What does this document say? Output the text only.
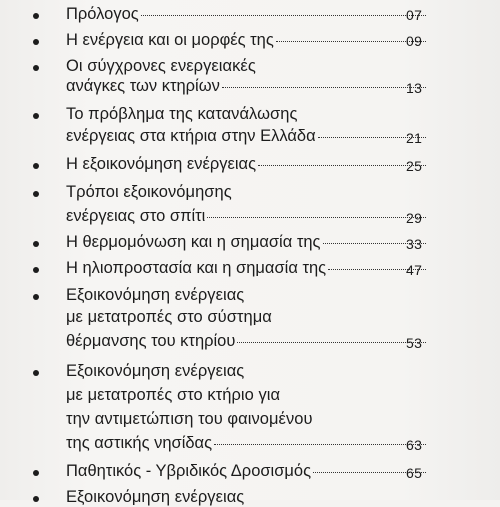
Πρόλογος	07
Η ενέργεια και οι μορφές της	09
Οι σύγχρονες ενεργειακές
ανάγκες των κτηρίων	13
Το πρόβλημα της κατανάλωσης
ενέργειας στα κτήρια στην Ελλάδα	21
Η εξοικονόμηση ενέργειας	25
Τρόποι εξοικονόμησης
ενέργειας στο σπίτι	29
Η θερμομόνωση και η σημασία της	33
Η ηλιοπροστασία και η σημασία της	47
Εξοικονόμηση ενέργειας
με μετατροπές στο σύστημα
θέρμανσης του κτηρίου	53
Εξοικονόμηση ενέργειας
με μετατροπές στο κτήριο για
την αντιμετώπιση του φαινομένου
της αστικής νησίδας	63
Παθητικός - Υβριδικός Δροσισμός	65
Εξοικονόμηση ενέργειας
